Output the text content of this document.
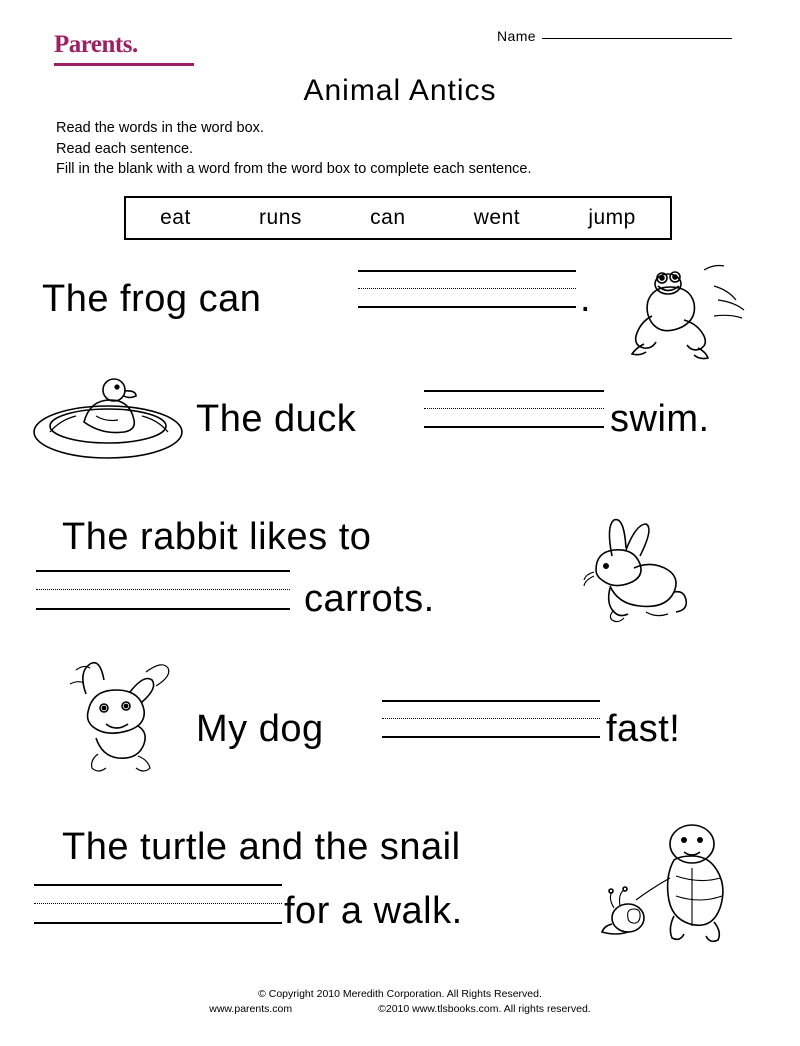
Parents.	Name
Animal Antics
Read the words in the word box.
Read each sentence.
Fill in the blank with a word from the word box to complete each sentence.
eat	runs	can	went	jump
The frog can	.
The duck	swim.
The rabbit likes to
carrots.
My dog	fast!
The turtle and the snail
for a walk.
© Copyright 2010 Meredith Corporation. All Rights Reserved.
www.parents.com	©2010 www.tlsbooks.com. All rights reserved.
